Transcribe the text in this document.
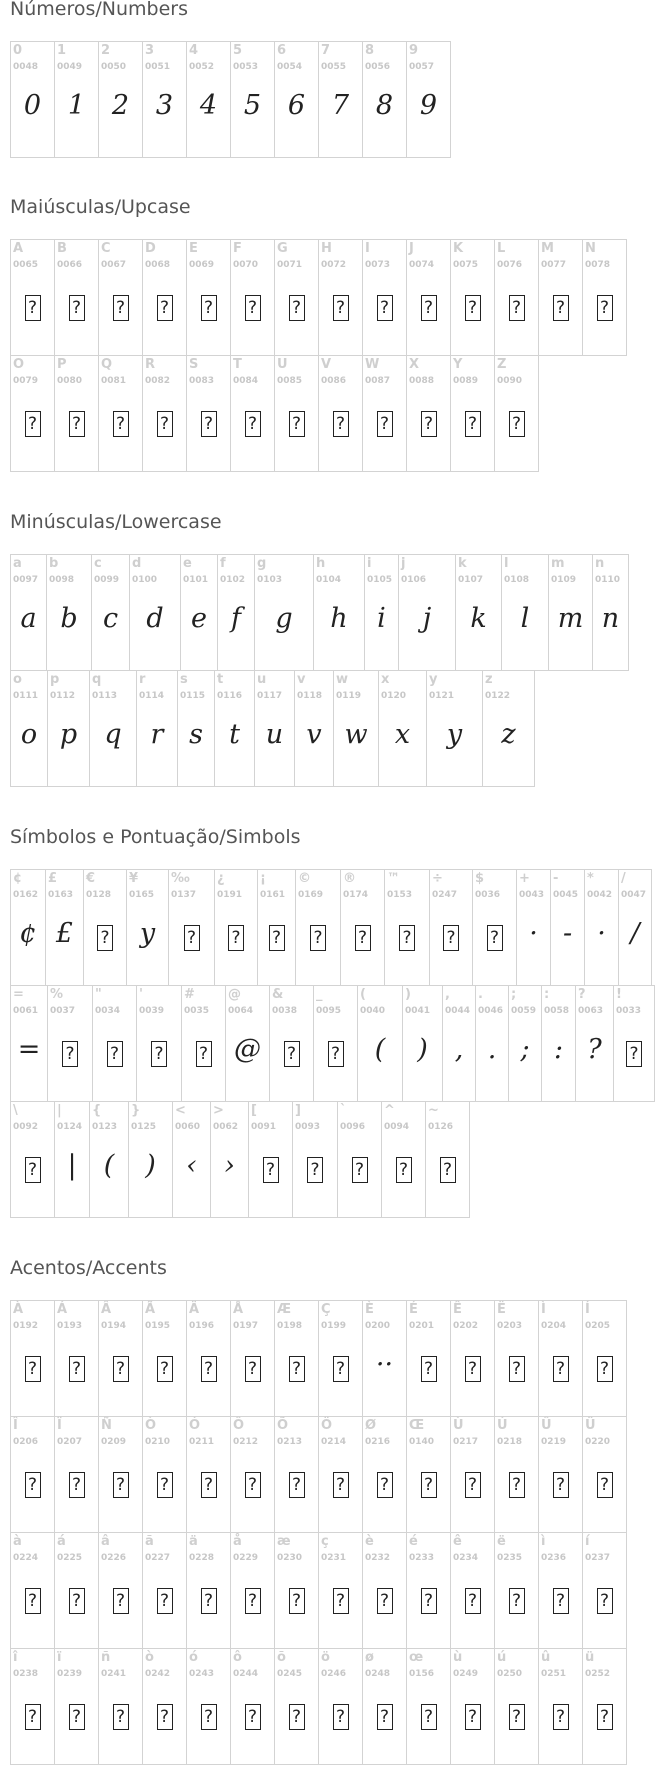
Números/Numbers
0
0048
0
1
0049
1
2
0050
2
3
0051
3
4
0052
4
5
0053
5
6
0054
6
7
0055
7
8
0056
8
9
0057
9
Maiúsculas/Upcase
A
0065
?
B
0066
?
C
0067
?
D
0068
?
E
0069
?
F
0070
?
G
0071
?
H
0072
?
I
0073
?
J
0074
?
K
0075
?
L
0076
?
M
0077
?
N
0078
?
O
0079
?
P
0080
?
Q
0081
?
R
0082
?
S
0083
?
T
0084
?
U
0085
?
V
0086
?
W
0087
?
X
0088
?
Y
0089
?
Z
0090
?
Minúsculas/Lowercase
a
0097
a
b
0098
b
c
0099
c
d
0100
d
e
0101
e
f
0102
f
g
0103
g
h
0104
h
i
0105
i
j
0106
j
k
0107
k
l
0108
l
m
0109
m
n
0110
n
o
0111
o
p
0112
p
q
0113
q
r
0114
r
s
0115
s
t
0116
t
u
0117
u
v
0118
v
w
0119
w
x
0120
x
y
0121
y
z
0122
z
Símbolos e Pontuação/Simbols
¢
0162
¢
£
0163
£
€
0128
?
¥
0165
y
‰
0137
?
¿
0191
?
¡
0161
?
©
0169
?
®
0174
?
™
0153
?
÷
0247
?
$
0036
?
+
0043
·
-
0045
-
*
0042
·
/
0047
/
=
0061
=
%
0037
?
"
0034
?
'
0039
?
#
0035
?
@
0064
@
&
0038
?
_
0095
?
(
0040
(
)
0041
)
,
0044
,
.
0046
.
;
0059
;
:
0058
:
?
0063
?
!
0033
?
\
0092
?
|
0124
|
{
0123
(
}
0125
)
<
0060
‹
>
0062
›
[
0091
?
]
0093
?
`
0096
?
^
0094
?
~
0126
?
Acentos/Accents
À
0192
?
Á
0193
?
Â
0194
?
Ã
0195
?
Ä
0196
?
Å
0197
?
Æ
0198
?
Ç
0199
?
È
0200
··
É
0201
?
Ê
0202
?
Ë
0203
?
Ì
0204
?
Í
0205
?
Î
0206
?
Ï
0207
?
Ñ
0209
?
Ò
0210
?
Ó
0211
?
Ô
0212
?
Õ
0213
?
Ö
0214
?
Ø
0216
?
Œ
0140
?
Ù
0217
?
Ú
0218
?
Û
0219
?
Ü
0220
?
à
0224
?
á
0225
?
â
0226
?
ã
0227
?
ä
0228
?
å
0229
?
æ
0230
?
ç
0231
?
è
0232
?
é
0233
?
ê
0234
?
ë
0235
?
ì
0236
?
í
0237
?
î
0238
?
ï
0239
?
ñ
0241
?
ò
0242
?
ó
0243
?
ô
0244
?
õ
0245
?
ö
0246
?
ø
0248
?
œ
0156
?
ù
0249
?
ú
0250
?
û
0251
?
ü
0252
?
